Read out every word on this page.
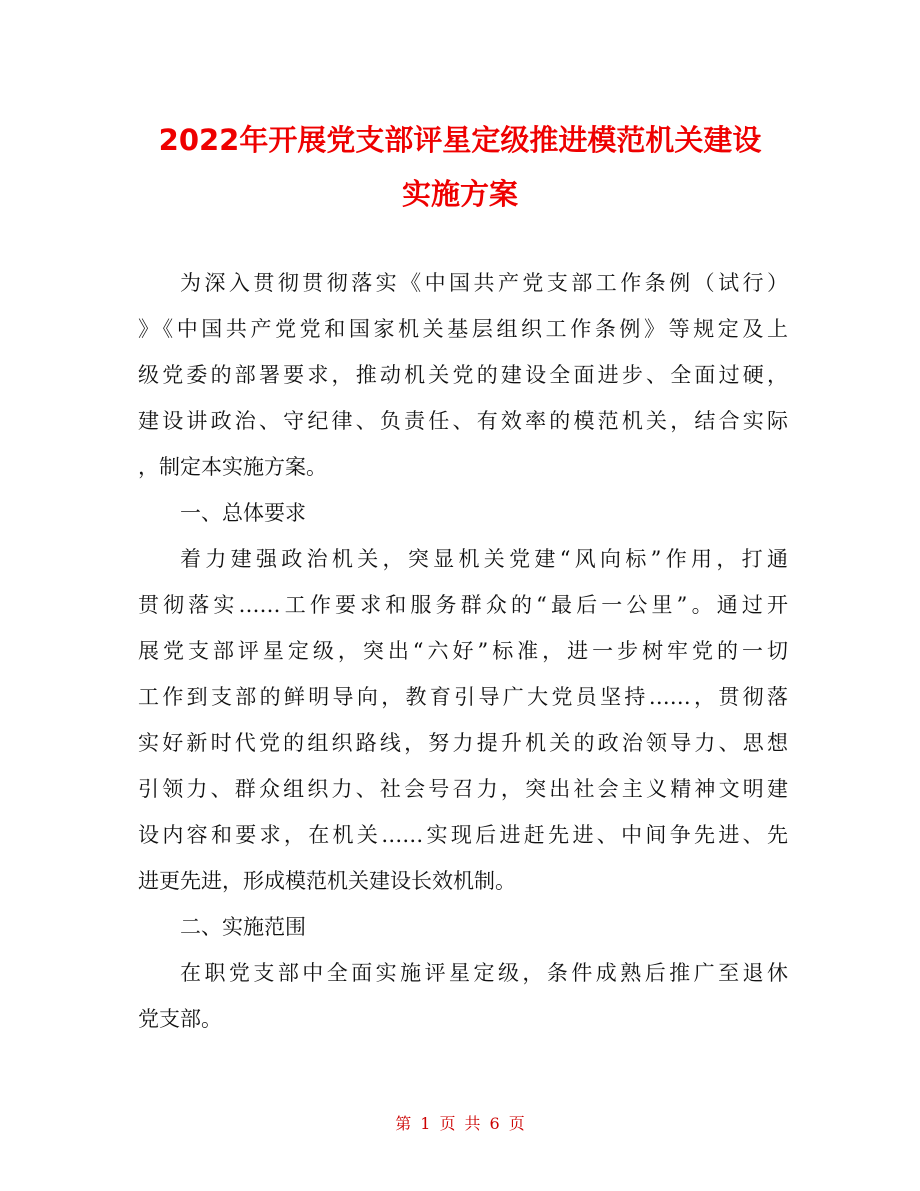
2022年开展党支部评星定级推进模范机关建设
实施方案
为深入贯彻贯彻落实《中国共产党支部工作条例（试行）
》《中国共产党党和国家机关基层组织工作条例》等规定及上
级党委的部署要求，推动机关党的建设全面进步、全面过硬，
建设讲政治、守纪律、负责任、有效率的模范机关，结合实际
，制定本实施方案。
一、总体要求
着力建强政治机关，突显机关党建“风向标”作用，打通
贯彻落实……工作要求和服务群众的“最后一公里”。通过开
展党支部评星定级，突出“六好”标准，进一步树牢党的一切
工作到支部的鲜明导向，教育引导广大党员坚持……，贯彻落
实好新时代党的组织路线，努力提升机关的政治领导力、思想
引领力、群众组织力、社会号召力，突出社会主义精神文明建
设内容和要求，在机关……实现后进赶先进、中间争先进、先
进更先进，形成模范机关建设长效机制。
二、实施范围
在职党支部中全面实施评星定级，条件成熟后推广至退休
党支部。
第 1 页 共 6 页
